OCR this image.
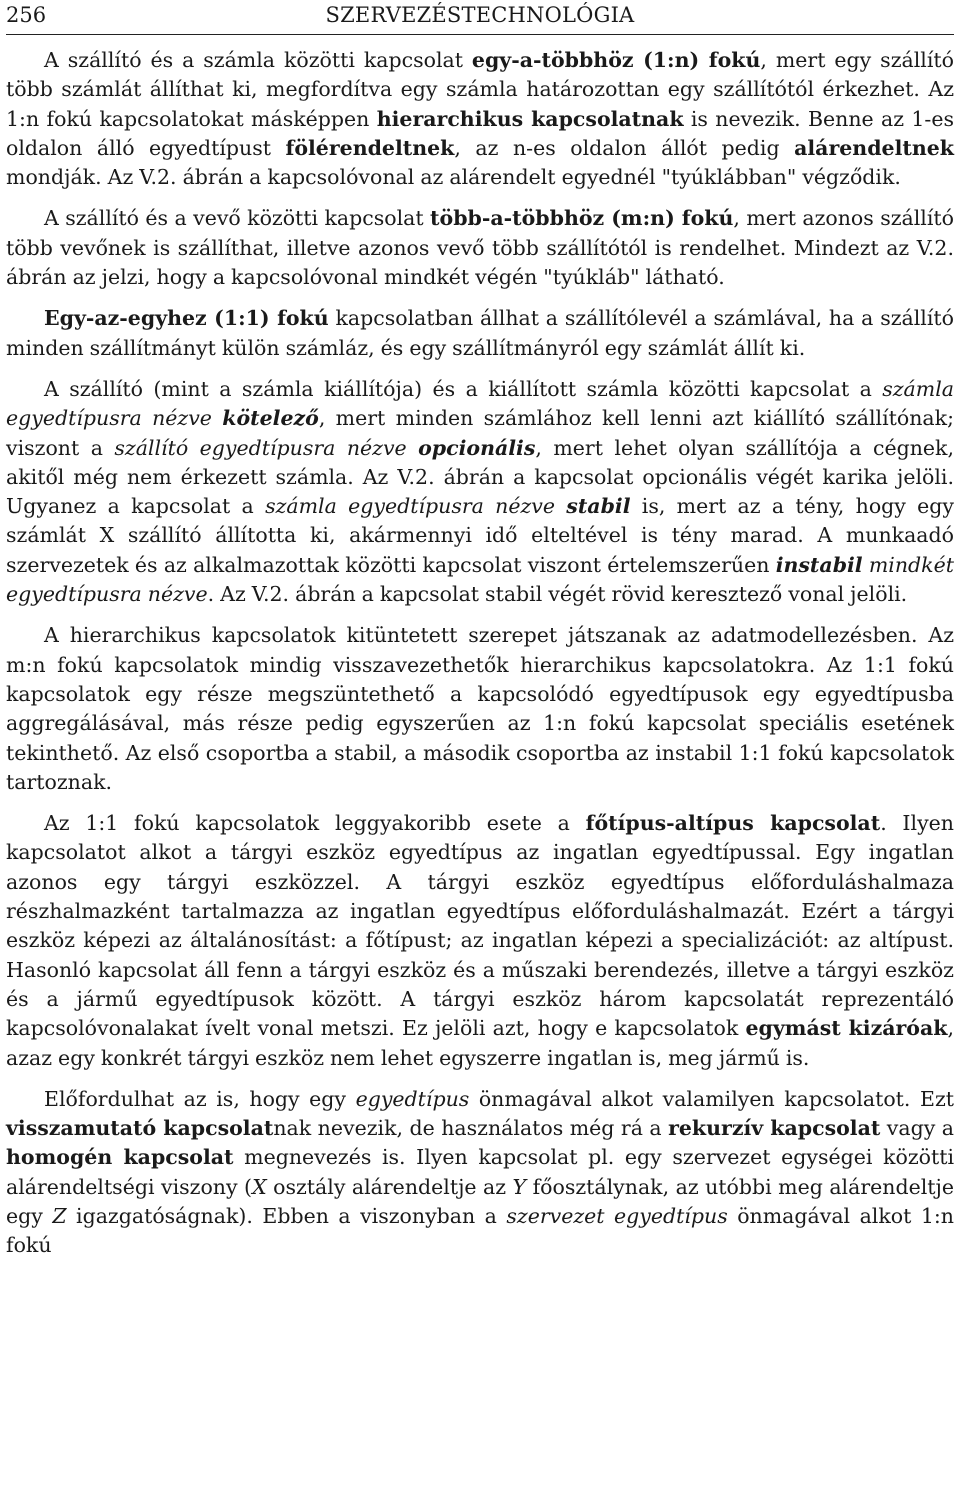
256	SZERVEZÉSTECHNOLÓGIA

A szállító és a számla közötti kapcsolat egy-a-többhöz (1:n) fokú, mert egy szállító több számlát állíthat ki, megfordítva egy számla határozottan egy szállítótól érkezhet. Az 1:n fokú kapcsolatokat másképpen hierarchikus kapcsolatnak is nevezik. Benne az 1-es oldalon álló egyedtípust fölérendeltnek, az n-es oldalon állót pedig alárendeltnek mondják. Az V.2. ábrán a kapcsolóvonal az alárendelt egyednél "tyúklábban" végződik.

A szállító és a vevő közötti kapcsolat több-a-többhöz (m:n) fokú, mert azonos szállító több vevőnek is szállíthat, illetve azonos vevő több szállítótól is rendelhet. Mindezt az V.2. ábrán az jelzi, hogy a kapcsolóvonal mindkét végén "tyúkláb" látható.

Egy-az-egyhez (1:1) fokú kapcsolatban állhat a szállítólevél a számlával, ha a szállító minden szállítmányt külön számláz, és egy szállítmányról egy számlát állít ki.

A szállító (mint a számla kiállítója) és a kiállított számla közötti kapcsolat a számla egyedtípusra nézve kötelező, mert minden számlához kell lenni azt kiállító szállítónak; viszont a szállító egyedtípusra nézve opcionális, mert lehet olyan szállítója a cégnek, akitől még nem érkezett számla. Az V.2. ábrán a kapcsolat opcionális végét karika jelöli. Ugyanez a kapcsolat a számla egyedtípusra nézve stabil is, mert az a tény, hogy egy számlát X szállító állította ki, akármennyi idő elteltével is tény marad. A munkaadó szervezetek és az alkalmazottak közötti kapcsolat viszont értelemszerűen instabil mindkét egyedtípusra nézve. Az V.2. ábrán a kapcsolat stabil végét rövid keresztező vonal jelöli.

A hierarchikus kapcsolatok kitüntetett szerepet játszanak az adatmodellezésben. Az m:n fokú kapcsolatok mindig visszavezethetők hierarchikus kapcsolatokra. Az 1:1 fokú kapcsolatok egy része megszüntethető a kapcsolódó egyedtípusok egy egyedtípusba aggregálásával, más része pedig egyszerűen az 1:n fokú kapcsolat speciális esetének tekinthető. Az első csoportba a stabil, a második csoportba az instabil 1:1 fokú kapcsolatok tartoznak.

Az 1:1 fokú kapcsolatok leggyakoribb esete a főtípus-altípus kapcsolat. Ilyen kapcsolatot alkot a tárgyi eszköz egyedtípus az ingatlan egyedtípussal. Egy ingatlan azonos egy tárgyi eszközzel. A tárgyi eszköz egyedtípus előforduláshalmaza részhalmazként tartalmazza az ingatlan egyedtípus előforduláshalmazát. Ezért a tárgyi eszköz képezi az általánosítást: a főtípust; az ingatlan képezi a specializációt: az altípust. Hasonló kapcsolat áll fenn a tárgyi eszköz és a műszaki berendezés, illetve a tárgyi eszköz és a jármű egyedtípusok között. A tárgyi eszköz három kapcsolatát reprezentáló kapcsolóvonalakat ívelt vonal metszi. Ez jelöli azt, hogy e kapcsolatok egymást kizáróak, azaz egy konkrét tárgyi eszköz nem lehet egyszerre ingatlan is, meg jármű is.

Előfordulhat az is, hogy egy egyedtípus önmagával alkot valamilyen kapcsolatot. Ezt visszamutató kapcsolatnak nevezik, de használatos még rá a rekurzív kapcsolat vagy a homogén kapcsolat megnevezés is. Ilyen kapcsolat pl. egy szervezet egységei közötti alárendeltségi viszony (X osztály alárendeltje az Y főosztálynak, az utóbbi meg alárendeltje egy Z igazgatóságnak). Ebben a viszonyban a szervezet egyedtípus önmagával alkot 1:n fokú
